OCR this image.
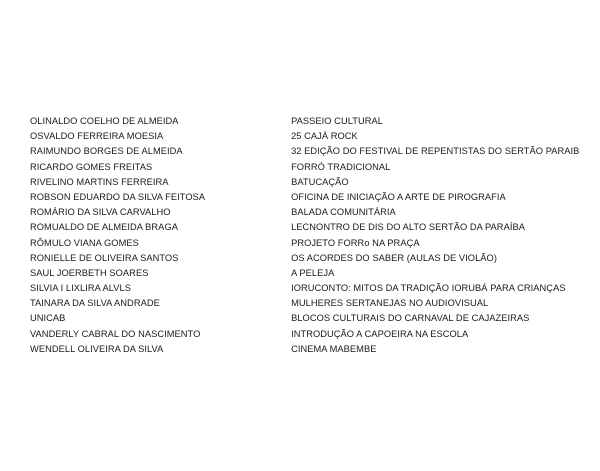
OLINALDO COELHO DE ALMEIDA	PASSEIO CULTURAL
OSVALDO FERREIRA MOESIA	25 CAJÁ ROCK
RAIMUNDO BORGES DE ALMEIDA	32 EDIÇÃO DO FESTIVAL DE REPENTISTAS DO SERTÃO PARAIB
RICARDO GOMES FREITAS	FORRÓ TRADICIONAL
RIVELINO MARTINS FERREIRA	BATUCAÇÃO
ROBSON EDUARDO DA SILVA FEITOSA	OFICINA DE INICIAÇÃO A ARTE DE PIROGRAFIA
ROMÁRIO DA SILVA CARVALHO	BALADA COMUNITÁRIA
ROMUALDO DE ALMEIDA BRAGA	LECNONTRO DE DIS DO ALTO SERTÃO DA PARAÍBA
RÔMULO VIANA GOMES	PROJETO FORRo NA PRAÇA
RONIELLE DE OLIVEIRA SANTOS	OS ACORDES DO SABER (AULAS DE VIOLÃO)
SAUL JOERBETH SOARES	A PELEJA
SILVIA I LIXLIRA ALVLS	IORUCONTO: MITOS DA TRADIÇÃO IORUBÁ PARA CRIANÇAS
TAINARA DA SILVA ANDRADE	MULHERES SERTANEJAS NO AUDIOVISUAL
UNICAB	BLOCOS CULTURAIS DO CARNAVAL DE CAJAZEIRAS
VANDERLY CABRAL DO NASCIMENTO	INTRODUÇÃO A CAPOEIRA NA ESCOLA
WENDELL OLIVEIRA DA SILVA	CINEMA MABEMBE
